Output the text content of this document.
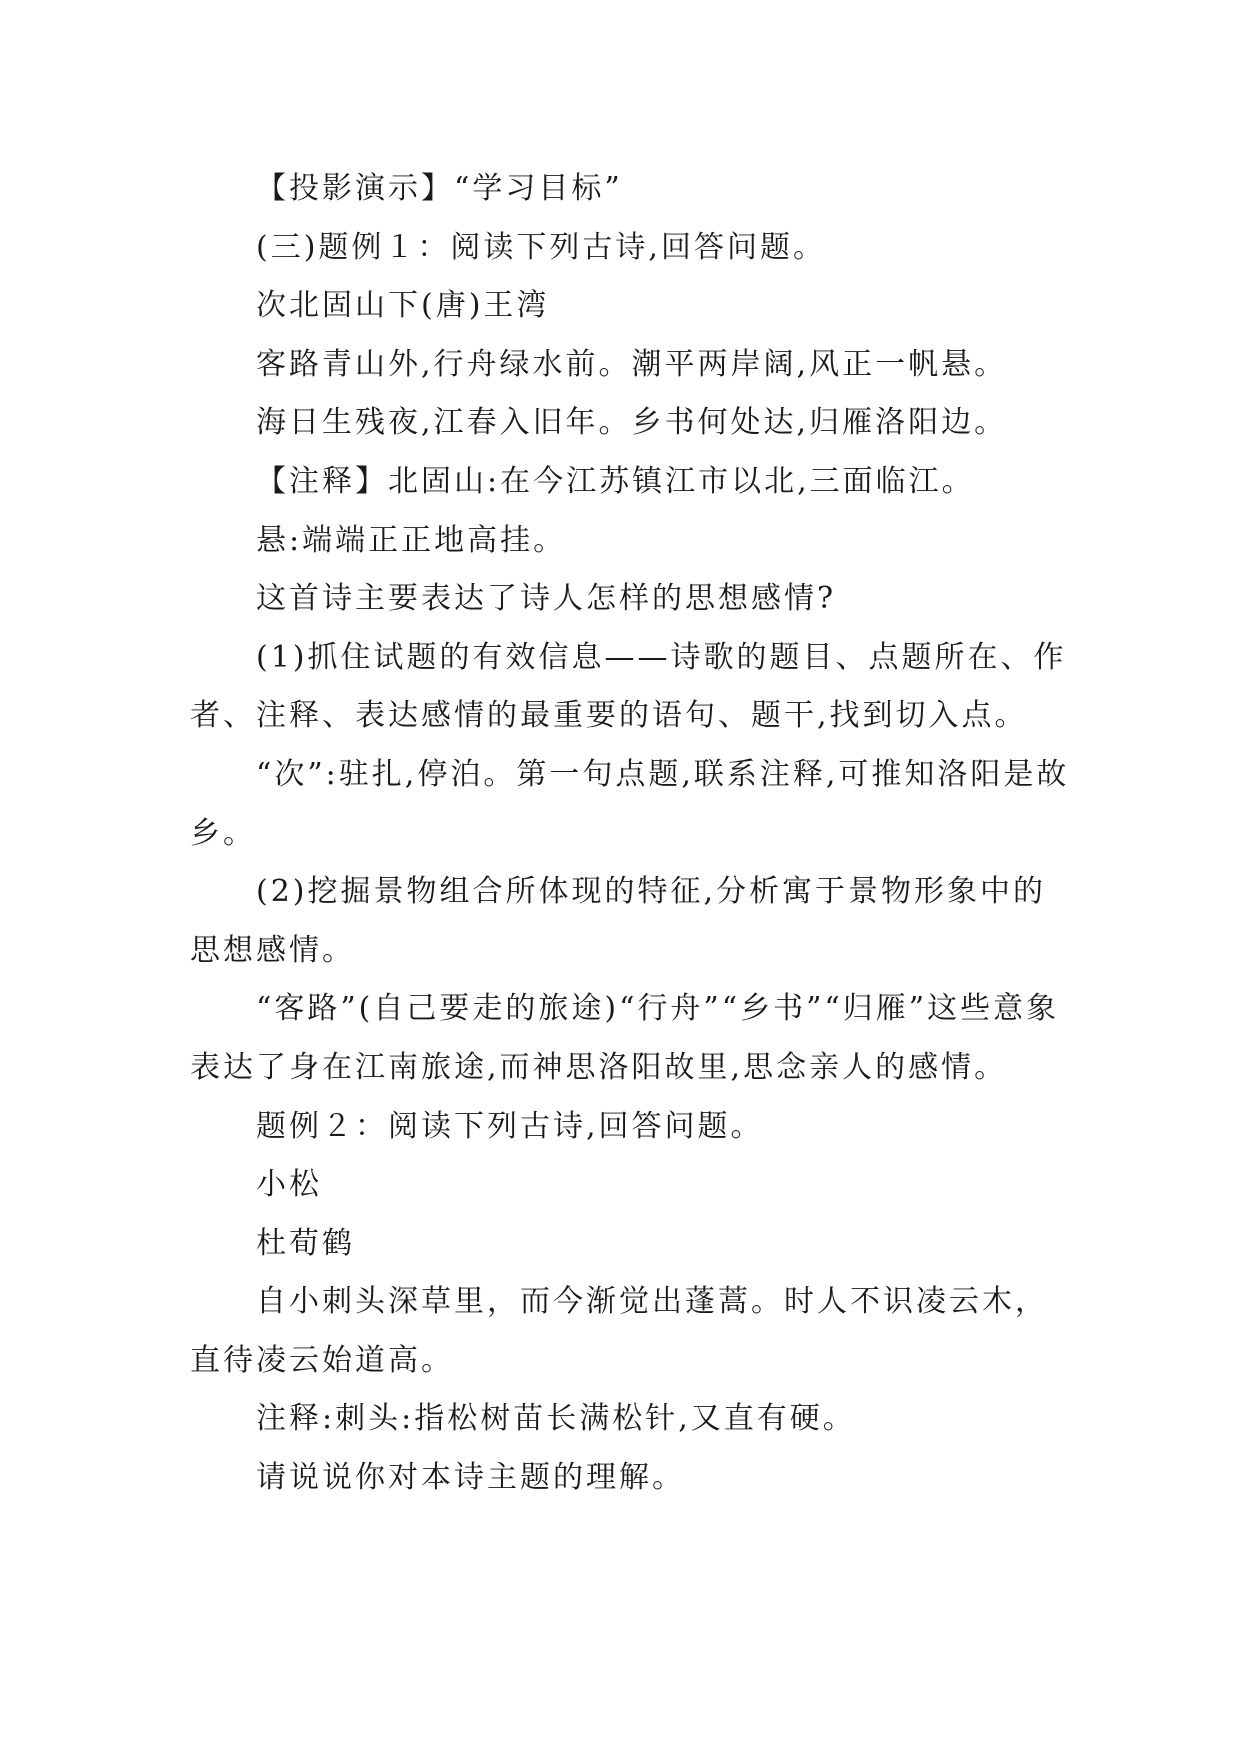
【投影演示】“学习目标”

(三)题例１：阅读下列古诗,回答问题。

次北固山下(唐)王湾

客路青山外,行舟绿水前。潮平两岸阔,风正一帆悬。

海日生残夜,江春入旧年。乡书何处达,归雁洛阳边。

【注释】北固山:在今江苏镇江市以北,三面临江。

悬:端端正正地高挂。

这首诗主要表达了诗人怎样的思想感情?

(1)抓住试题的有效信息——诗歌的题目、点题所在、作者、注释、表达感情的最重要的语句、题干,找到切入点。

“次”:驻扎,停泊。第一句点题,联系注释,可推知洛阳是故乡。

(2)挖掘景物组合所体现的特征,分析寓于景物形象中的思想感情。

“客路”(自己要走的旅途)“行舟”“乡书”“归雁”这些意象表达了身在江南旅途,而神思洛阳故里,思念亲人的感情。

题例２：阅读下列古诗,回答问题。

小松

杜荀鹤

自小刺头深草里，而今渐觉出蓬蒿。时人不识凌云木，直待凌云始道高。

注释:刺头:指松树苗长满松针,又直有硬。

请说说你对本诗主题的理解。
